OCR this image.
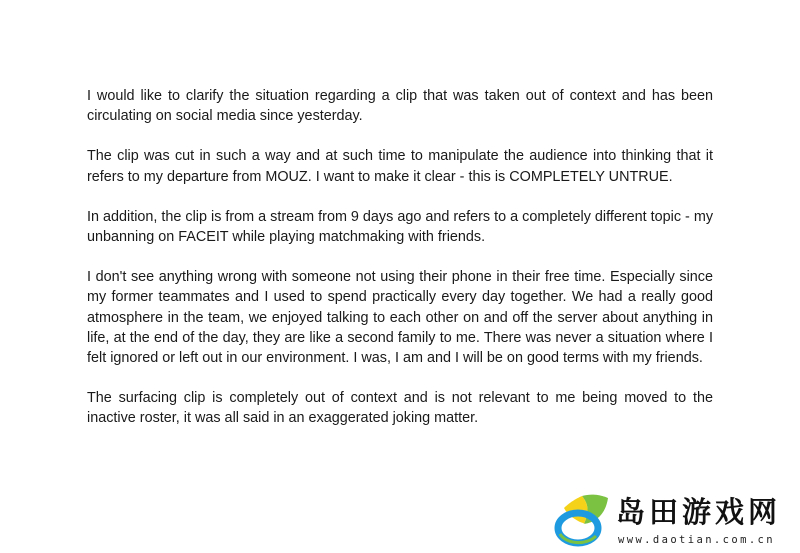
I would like to clarify the situation regarding a clip that was taken out of context and has been circulating on social media since yesterday.

The clip was cut in such a way and at such time to manipulate the audience into thinking that it refers to my departure from MOUZ. I want to make it clear - this is COMPLETELY UNTRUE.

In addition, the clip is from a stream from 9 days ago and refers to a completely different topic - my unbanning on FACEIT while playing matchmaking with friends.

I don't see anything wrong with someone not using their phone in their free time. Especially since my former teammates and I used to spend practically every day together. We had a really good atmosphere in the team, we enjoyed talking to each other on and off the server about anything in life, at the end of the day, they are like a second family to me. There was never a situation where I felt ignored or left out in our environment. I was, I am and I will be on good terms with my friends.

The surfacing clip is completely out of context and is not relevant to me being moved to the inactive roster, it was all said in an exaggerated joking matter.

岛田游戏网
www.daotian.com.cn
